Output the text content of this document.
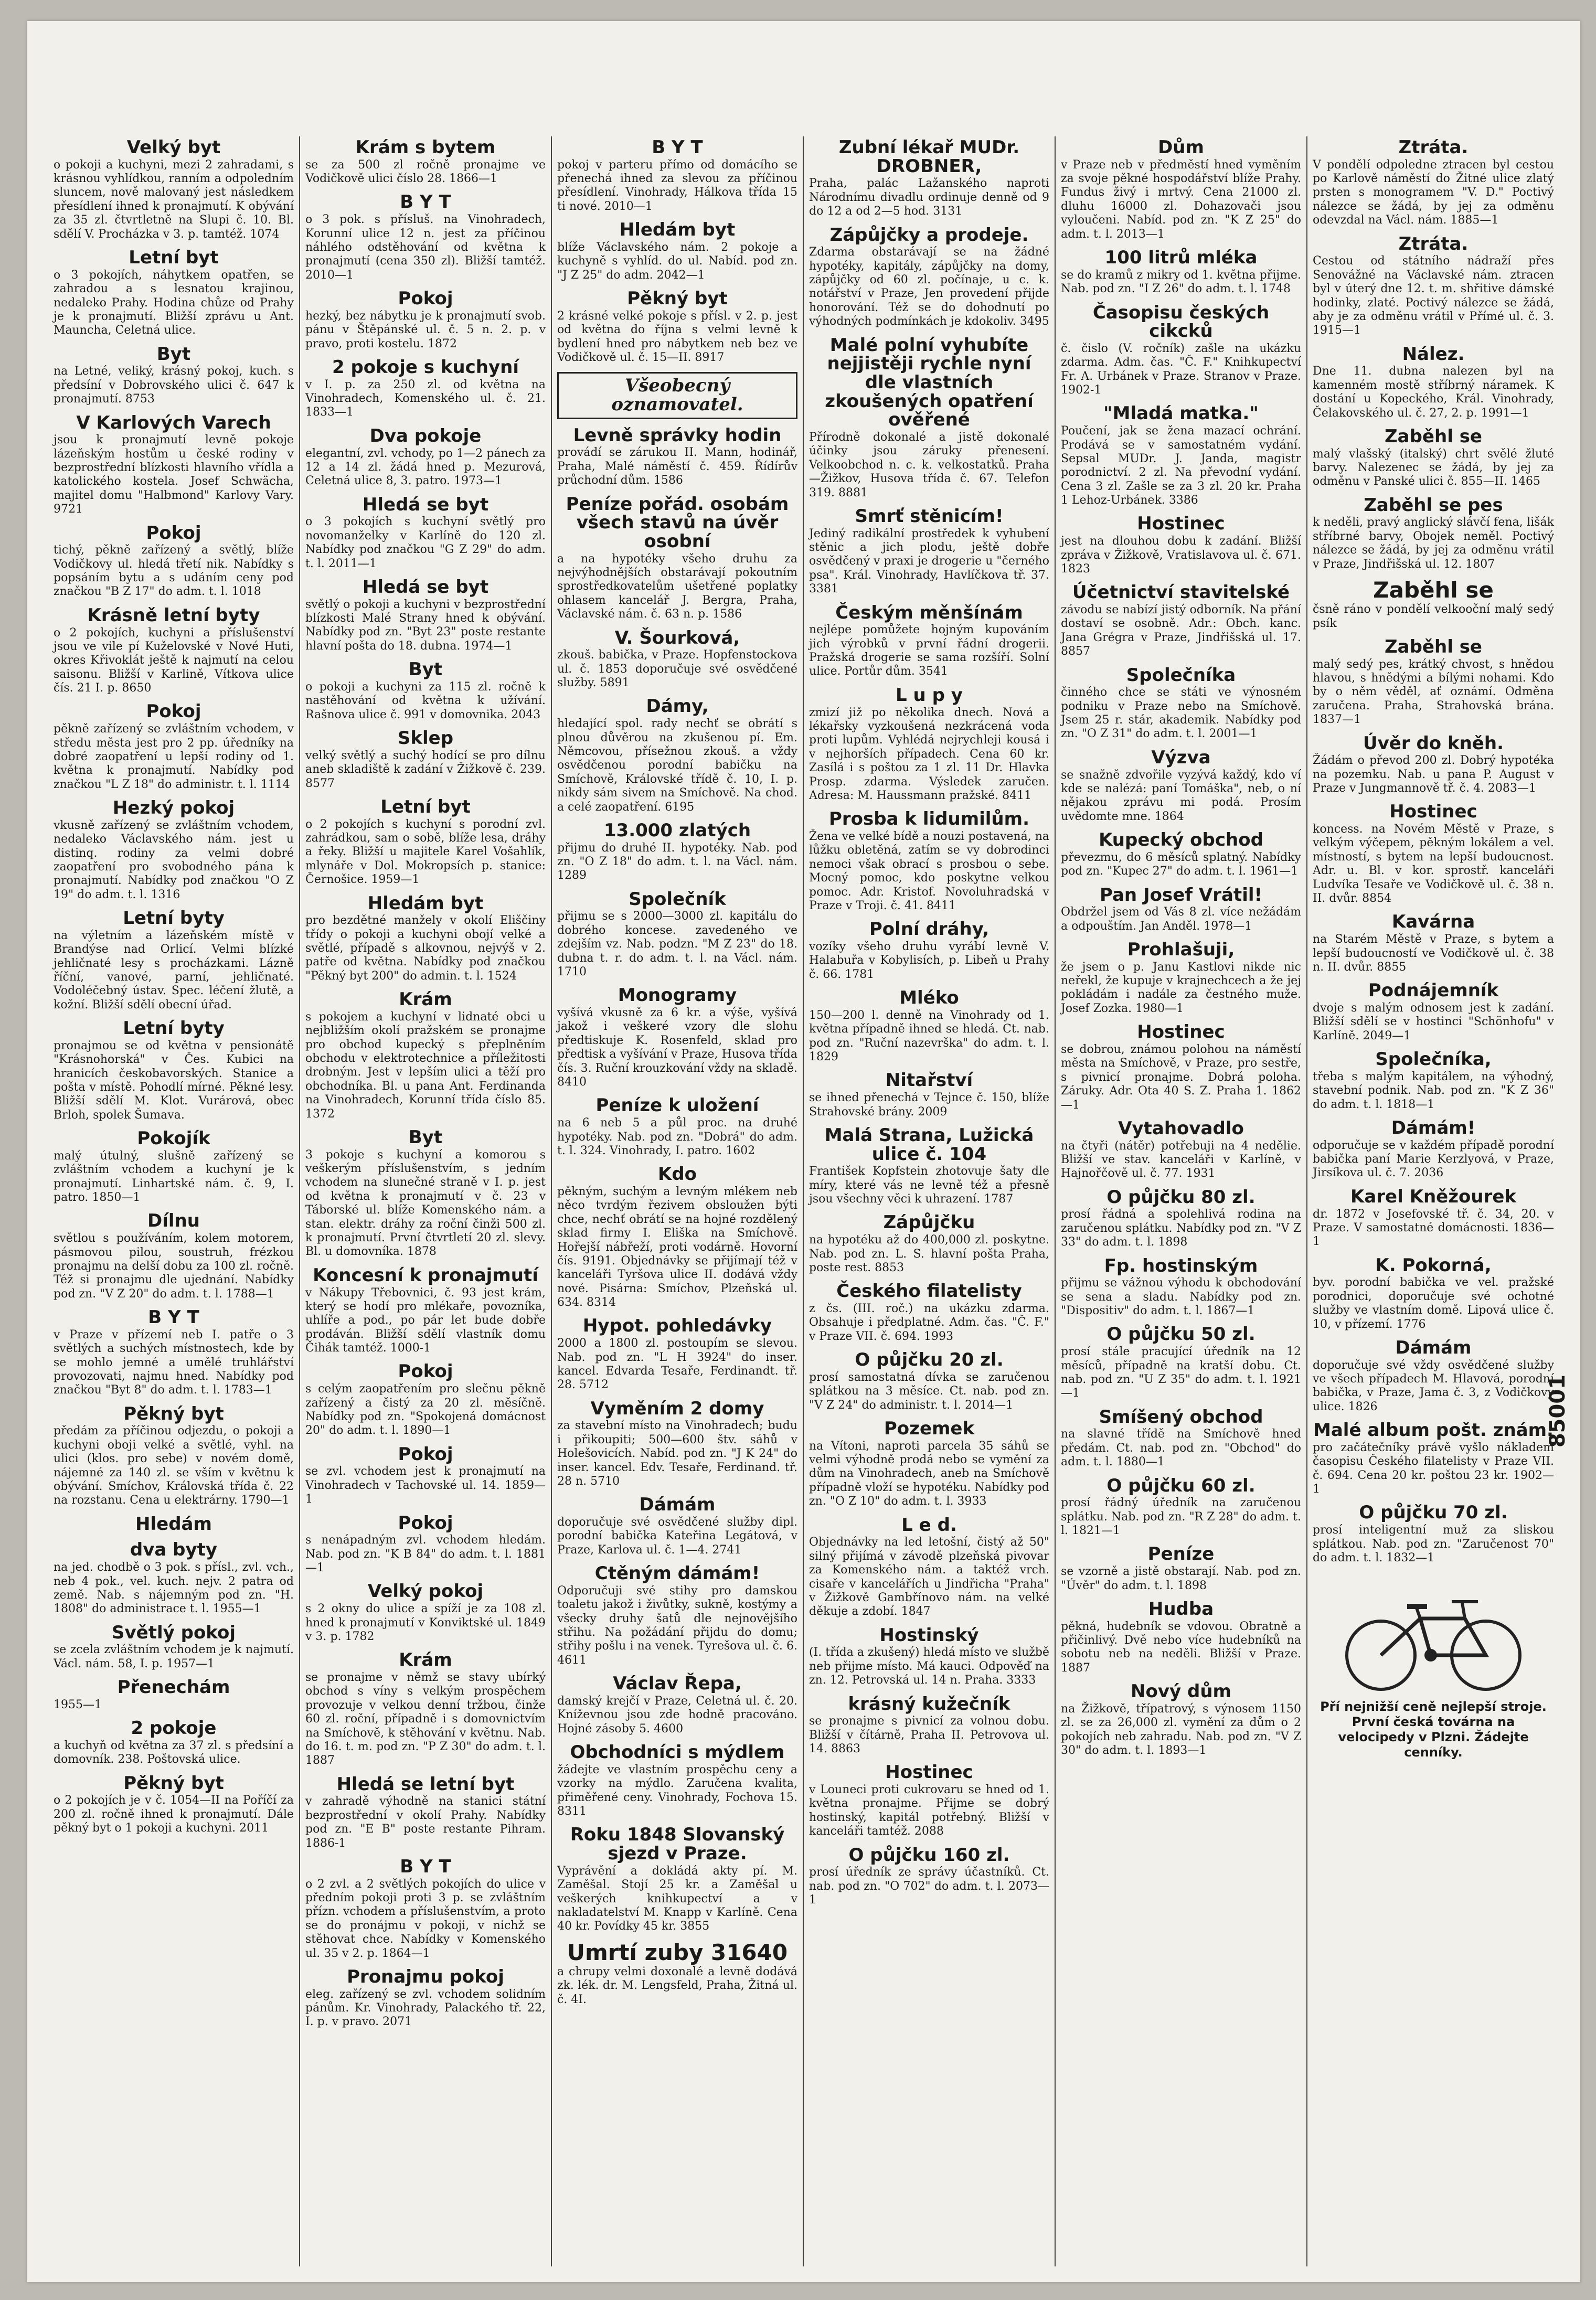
Velký byt

o pokoji a kuchyni, mezi 2 zahradami, s krásnou vyhlídkou, ranním a odpoledním sluncem, nově malovaný jest následkem přesídlení ihned k pronajmutí. K obývání za 35 zl. čtvrtletně na Slupi č. 10. Bl. sdělí V. Procházka v 3. p. tamtéž. 1074

Letní byt

o 3 pokojích, náhytkem opatřen, se zahradou a s lesnatou krajinou, nedaleko Prahy. Hodina chůze od Prahy je k pronajmutí. Bližší zprávu u Ant. Mauncha, Celetná ulice.

Byt

na Letné, veliký, krásný pokoj, kuch. s předsíní v Dobrovského ulici č. 647 k pronajmutí. 8753

V Karlových Varech

jsou k pronajmutí levně pokoje lázeňským hostům u české rodiny v bezprostřední blízkosti hlavního vřídla a katolického kostela. Josef Schwächa, majitel domu "Halbmond" Karlovy Vary. 9721

Pokoj

tichý, pěkně zařízený a světlý, blíže Vodičkovy ul. hledá třetí nik. Nabídky s popsáním bytu a s udáním ceny pod značkou "B Z 17" do adm. t. l. 1018

Krásně letní byty

o 2 pokojích, kuchyni a příslušenství jsou ve vile pí Kuželovské v Nové Huti, okres Křivoklát ještě k najmutí na celou saisonu. Bližší v Karlině, Vítkova ulice čís. 21 I. p. 8650

Pokoj

pěkně zařízený se zvláštním vchodem, v středu města jest pro 2 pp. úředníky na dobré zaopatření u lepší rodiny od 1. května k pronajmutí. Nabídky pod značkou "L Z 18" do administr. t. l. 1114

Hezký pokoj

vkusně zařízený se zvláštním vchodem, nedaleko Václavského nám. jest u distinq. rodiny za velmi dobré zaopatření pro svobodného pána k pronajmutí. Nabídky pod značkou "O Z 19" do adm. t. l. 1316

Letní byty

na výletním a lázeňském místě v Brandýse nad Orlicí. Velmi blízké jehličnaté lesy s procházkami. Lázně říční, vanové, parní, jehličnaté. Vodoléčebný ústav. Spec. léčení žlutě, a kožní. Bližší sdělí obecní úřad.

Letní byty

pronajmou se od května v pensionátě "Krásnohorská" v Čes. Kubici na hranicích českobavorských. Stanice a pošta v místě. Pohodlí mírné. Pěkné lesy. Bližší sdělí M. Klot. Vurárová, obec Brloh, spolek Šumava.

Pokojík

malý útulný, slušně zařízený se zvláštním vchodem a kuchyní je k pronajmutí. Linhartské nám. č. 9, I. patro. 1850—1

Dílnu

světlou s používáním, kolem motorem, pásmovou pilou, soustruh, frézkou pronajmu na delší dobu za 100 zl. ročně. Též si pronajmu dle ujednání. Nabídky pod zn. "V Z 20" do adm. t. l. 1788—1

B Y T

v Praze v přízemí neb I. patře o 3 světlých a suchých místnostech, kde by se mohlo jemné a umělé truhlářství provozovati, najmu hned. Nabídky pod značkou "Byt 8" do adm. t. l. 1783—1

Pěkný byt

předám za příčinou odjezdu, o pokoji a kuchyni oboji velké a světlé, vyhl. na ulici (klos. pro sebe) v novém domě, nájemné za 140 zl. se vším v květnu k obývání. Smíchov, Královská třída č. 22 na rozstanu. Cena u elektrárny. 1790—1

Hledám
dva byty

na jed. chodbě o 3 pok. s přísl., zvl. vch., neb 4 pok., vel. kuch. nejv. 2 patra od země. Nab. s nájemným pod zn. "H. 1808" do administrace t. l. 1955—1

Světlý pokoj

se zcela zvláštním vchodem je k najmutí. Václ. nám. 58, I. p. 1957—1

Přenechám

1955—1

2 pokoje

a kuchyň od května za 37 zl. s předsíní a domovník. 238. Poštovská ulice.

Pěkný byt

o 2 pokojích je v č. 1054—II na Poříčí za 200 zl. ročně ihned k pronajmutí. Dále pěkný byt o 1 pokoji a kuchyni. 2011

Krám s bytem

se za 500 zl ročně pronajme ve Vodičkově ulici číslo 28. 1866—1

B Y T

o 3 pok. s přísluš. na Vinohradech, Korunní ulice 12 n. jest za příčinou náhlého odstěhování od května k pronajmutí (cena 350 zl). Bližší tamtéž. 2010—1

Pokoj

hezký, bez nábytku je k pronajmutí svob. pánu v Štěpánské ul. č. 5 n. 2. p. v pravo, proti kostelu. 1872

2 pokoje s kuchyní

v I. p. za 250 zl. od května na Vinohradech, Komenského ul. č. 21. 1833—1

Dva pokoje

elegantní, zvl. vchody, po 1—2 pánech za 12 a 14 zl. žádá hned p. Mezurová, Celetná ulice 8, 3. patro. 1973—1

Hledá se byt

o 3 pokojích s kuchyní světlý pro novomanželky v Karlíně do 120 zl. Nabídky pod značkou "G Z 29" do adm. t. l. 2011—1

Hledá se byt

světlý o pokoji a kuchyni v bezprostřední blízkosti Malé Strany hned k obývání. Nabídky pod zn. "Byt 23" poste restante hlavní pošta do 18. dubna. 1974—1

Byt

o pokoji a kuchyni za 115 zl. ročně k nastěhování od května k užívání. Rašnova ulice č. 991 v domovnika. 2043

Sklep

velký světlý a suchý hodící se pro dílnu aneb skladiště k zadání v Žižkově č. 239. 8577

Letní byt

o 2 pokojích s kuchyní s porodní zvl. zahrádkou, sam o sobě, blíže lesa, dráhy a řeky. Bližší u majitele Karel Vošahlík, mlynáře v Dol. Mokropsích p. stanice: Černošice. 1959—1

Hledám byt

pro bezdětné manžely v okolí Eliščiny třídy o pokoji a kuchyni obojí velké a světlé, případě s alkovnou, nejvýš v 2. patře od května. Nabídky pod značkou "Pěkný byt 200" do admin. t. l. 1524

Krám

s pokojem a kuchyní v lidnaté obci u nejbližším okolí pražském se pronajme pro obchod kupecký s přeplněním obchodu v elektrotechnice a příležitosti drobným. Jest v lepším ulici a těží pro obchodníka. Bl. u pana Ant. Ferdinanda na Vinohradech, Korunní třída číslo 85. 1372

Byt

3 pokoje s kuchyní a komorou s veškerým příslušenstvím, s jedním vchodem na slunečné straně v I. p. jest od května k pronajmutí v č. 23 v Táborské ul. blíže Komenského nám. a stan. elektr. dráhy za roční činži 500 zl. k pronajmutí. První čtvrtletí 20 zl. slevy. Bl. u domovníka. 1878

Koncesní k pronajmutí

v Nákupy Třebovnici, č. 93 jest krám, který se hodí pro mlékaře, povozníka, uhlíře a pod., po pár let bude dobře prodáván. Bližší sdělí vlastník domu Čihák tamtéž. 1000-1

Pokoj

s celým zaopatřením pro slečnu pěkně zařízený a čistý za 20 zl. měsíčně. Nabídky pod zn. "Spokojená domácnost 20" do adm. t. l. 1890—1

Pokoj

se zvl. vchodem jest k pronajmutí na Vinohradech v Tachovské ul. 14. 1859—1

Pokoj

s nenápadným zvl. vchodem hledám. Nab. pod zn. "K B 84" do adm. t. l. 1881—1

Velký pokoj

s 2 okny do ulice a spíží je za 108 zl. hned k pronajmutí v Konviktské ul. 1849 v 3. p. 1782

Krám

se pronajme v němž se stavy ubírký obchod s víny s velkým prospěchem provozuje v velkou denní tržbou, činže 60 zl. roční, případně i s domovnictvím na Smíchově, k stěhování v květnu. Nab. do 16. t. m. pod zn. "P Z 30" do adm. t. l. 1887

Hledá se letní byt

v zahradě výhodně na stanici státní bezprostřední v okolí Prahy. Nabídky pod zn. "E B" poste restante Pihram. 1886-1

B Y T

o 2 zvl. a 2 světlých pokojích do ulice v předním pokoji proti 3 p. se zvláštním přízn. vchodem a příslušenstvím, a proto se do pronájmu v pokoji, v nichž se stěhovat chce. Nabídky v Komenského ul. 35 v 2. p. 1864—1

Pronajmu pokoj

eleg. zařízený se zvl. vchodem solidním pánům. Kr. Vinohrady, Palackého tř. 22, I. p. v pravo. 2071

B Y T

pokoj v parteru přímo od domácího se přenechá ihned za slevou za příčinou přesídlení. Vinohrady, Hálkova třída 15 ti nové. 2010—1

Hledám byt

blíže Václavského nám. 2 pokoje a kuchyně s vyhlíd. do ul. Nabíd. pod zn. "J Z 25" do adm. 2042—1

Pěkný byt

2 krásné velké pokoje s přísl. v 2. p. jest od května do října s velmi levně k bydlení hned pro nábytkem neb bez ve Vodičkově ul. č. 15—II. 8917

Všeobecný oznamovatel.
Levně správky hodin

provádí se zárukou II. Mann, hodinář, Praha, Malé náměstí č. 459. Řídírův průchodní dům. 1586

Peníze pořád. osobám všech stavů na úvěr osobní

a na hypotéky všeho druhu za nejvýhodnějších obstarávají pokoutním sprostředkovatelům ušetřené poplatky ohlasem kancelář J. Bergra, Praha, Václavské nám. č. 63 n. p. 1586

V. Šourková,

zkouš. babička, v Praze. Hopfenstockova ul. č. 1853 doporučuje své osvědčené služby. 5891

Dámy,

hledající spol. rady nechť se obrátí s plnou důvěrou na zkušenou pí. Em. Němcovou, přísežnou zkouš. a vždy osvědčenou porodní babičku na Smíchově, Královské třídě č. 10, I. p. nikdy sám sivem na Smíchově. Na chod. a celé zaopatření. 6195

13.000 zlatých

přijmu do druhé II. hypotéky. Nab. pod zn. "O Z 18" do adm. t. l. na Václ. nám. 1289

Společník

přijmu se s 2000—3000 zl. kapitálu do dobrého koncese. zavedeného ve zdejším vz. Nab. podzn. "M Z 23" do 18. dubna t. r. do adm. t. l. na Václ. nám. 1710

Monogramy

vyšívá vkusně za 6 kr. a výše, vyšívá jakož i veškeré vzory dle slohu předtiskuje K. Rosenfeld, sklad pro předtisk a vyšívání v Praze, Husova třída čís. 3. Ruční krouzkování vždy na skladě. 8410

Peníze k uložení

na 6 neb 5 a půl proc. na druhé hypotéky. Nab. pod zn. "Dobrá" do adm. t. l. 324. Vinohrady, I. patro. 1602

Kdo

pěkným, suchým a levným mlékem neb něco tvrdým řezivem obsloužen býti chce, nechť obrátí se na hojné rozdělený sklad firmy I. Eliška na Smíchově. Hořejší nábřeží, proti vodárně. Hovorní čís. 9191. Objednávky se přijímají též v kanceláři Tyršova ulice II. dodává vždy nové. Pisárna: Smíchov, Plzeňská ul. 634. 8314

Hypot. pohledávky

2000 a 1800 zl. postoupím se slevou. Nab. pod zn. "L H 3924" do inser. kancel. Edvarda Tesaře, Ferdinandt. tř. 28. 5712

Vyměním 2 domy

za stavební místo na Vinohradech; budu i přikoupiti; 500—600 štv. sáhů v Holešovicích. Nabíd. pod zn. "J K 24" do inser. kancel. Edv. Tesaře, Ferdinand. tř. 28 n. 5710

Dámám

doporučuje své osvědčené služby dipl. porodní babička Kateřina Legátová, v Praze, Karlova ul. č. 1—4. 2741

Ctěným dámám!

Odporučuji své stihy pro damskou toaletu jakož i živůtky, sukně, kostýmy a všecky druhy šatů dle nejnovějšího střihu. Na požádání přijdu do domu; střihy pošlu i na venek. Tyrešova ul. č. 6. 4611

Václav Řepa,

damský krejčí v Praze, Celetná ul. č. 20. Kníževnou jsou zde hodně pracováno. Hojné zásoby 5. 4600

Obchodníci s mýdlem

žádejte ve vlastním prospěchu ceny a vzorky na mýdlo. Zaručena kvalita, přiměřené ceny. Vinohrady, Fochova 15. 8311

Roku 1848 Slovanský sjezd v Praze.

Vyprávění a dokládá akty pí. M. Zaměšal. Stojí 25 kr. a Zaměšal u veškerých knihkupectví a v nakladatelství M. Knapp v Karlíně. Cena 40 kr. Povídky 45 kr. 3855

Umrtí zuby 31640

a chrupy velmi doxonalé a levně dodává zk. lék. dr. M. Lengsfeld, Praha, Žitná ul. č. 4I.

Zubní lékař MUDr. DROBNER,

Praha, palác Lažanského naproti Národnímu divadlu ordinuje denně od 9 do 12 a od 2—5 hod. 3131

Zápůjčky a prodeje.

Zdarma obstarávají se na žádné hypotéky, kapitály, zápůjčky na domy, zápůjčky od 60 zl. počínaje, u c. k. notářství v Praze, Jen provedení přijde honorování. Též se do dohodnutí po výhodných podmínkách je kdokoliv. 3495

Malé polní vyhubíte nejjistěji rychle nyní dle vlastních zkoušených opatření ověřené

Přírodně dokonalé a jistě dokonalé účinky jsou záruky přenesení. Velkoobchod n. c. k. velkostatků. Praha—Žižkov, Husova třída č. 67. Telefon 319. 8881

Smrť stěnicím!

Jediný radikální prostředek k vyhubení stěnic a jich plodu, ještě dobře osvědčený v praxi je drogerie u "černého psa". Král. Vinohrady, Havlíčkova tř. 37. 3381

Českým měnšínám

nejlépe pomůžete hojným kupováním jich výrobků v první řádní drogerii. Pražská drogerie se sama rozšíří. Solní ulice. Portůr dům. 3541

L u p y

zmizí již po několika dnech. Nová a lékařsky vyzkoušená nezkrácená voda proti lupům. Vyhlédá nejrychleji kousá i v nejhorších případech. Cena 60 kr. Zasílá i s poštou za 1 zl. 11 Dr. Hlavka Prosp. zdarma. Výsledek zaručen. Adresa: M. Haussmann pražské. 8411

Prosba k lidumilům.

Žena ve velké bídě a nouzi postavená, na lůžku obletěná, zatím se vy dobrodinci nemoci však obrací s prosbou o sebe. Mocný pomoc, kdo poskytne velkou pomoc. Adr. Kristof. Novoluhradská v Praze v Troji. č. 41. 8411

Polní dráhy,

vozíky všeho druhu vyrábí levně V. Halabuřa v Kobylisích, p. Libeň u Prahy č. 66. 1781

Mléko

150—200 l. denně na Vinohrady od 1. května případně ihned se hledá. Ct. nab. pod zn. "Ruční nazevrška" do adm. t. l. 1829

Nitařství

se ihned přenechá v Tejnce č. 150, blíže Strahovské brány. 2009

Malá Strana, Lužická ulice č. 104

František Kopfstein zhotovuje šaty dle míry, které vás ne levně též a přesně jsou všechny věci k uhrazení. 1787

Zápůjčku

na hypotéku až do 400,000 zl. poskytne. Nab. pod zn. L. S. hlavní pošta Praha, poste rest. 8853

Českého filatelisty

z čs. (III. roč.) na ukázku zdarma. Obsahuje i předplatné. Adm. čas. "Č. F." v Praze VII. č. 694. 1993

O půjčku 20 zl.

prosí samostatná dívka se zaručenou splátkou na 3 měsíce. Ct. nab. pod zn. "V Z 24" do administr. t. l. 2014—1

Pozemek

na Vítoni, naproti parcela 35 sáhů se velmi výhodně prodá nebo se vymění za dům na Vinohradech, aneb na Smíchově případně vloží se hypotéku. Nabídky pod zn. "O Z 10" do adm. t. l. 3933

L e d.

Objednávky na led letošní, čistý až 50" silný přijímá v závodě plzeňská pivovar za Komenského nám. a taktéž vrch. cisaře v kancelářích u Jindřicha "Praha" v Žižkově Gambřínovo nám. na velké děkuje a zdobí. 1847

Hostinský

(I. třída a zkušený) hledá místo ve službě neb přijme místo. Má kauci. Odpověď na zn. 12. Petrovská ul. 14 n. Praha. 3333

krásný kužečník

se pronajme s pivnicí za volnou dobu. Bližší v čítárně, Praha II. Petrovova ul. 14. 8863

Hostinec

v Louneci proti cukrovaru se hned od 1. května pronajme. Přijme se dobrý hostinský, kapitál potřebný. Bližší v kanceláři tamtéž. 2088

O půjčku 160 zl.

prosí úředník ze správy účastníků. Ct. nab. pod zn. "O 702" do adm. t. l. 2073—1

Dům

v Praze neb v předměstí hned vyměním za svoje pěkné hospodářství blíže Prahy. Fundus živý i mrtvý. Cena 21000 zl. dluhu 16000 zl. Dohazovači jsou vyloučeni. Nabíd. pod zn. "K Z 25" do adm. t. l. 2013—1

100 litrů mléka

se do kramů z mikry od 1. května přijme. Nab. pod zn. "I Z 26" do adm. t. l. 1748

Časopisu českých cikcků

č. čislo (V. ročník) zašle na ukázku zdarma. Adm. čas. "Č. F." Knihkupectví Fr. A. Urbánek v Praze. Stranov v Praze. 1902-1

"Mladá matka."

Poučení, jak se žena mazací ochrání. Prodává se v samostatném vydání. Sepsal MUDr. J. Janda, magistr porodnictví. 2 zl. Na převodní vydání. Cena 3 zl. Zašle se za 3 zl. 20 kr. Praha 1 Lehoz-Urbánek. 3386

Hostinec

jest na dlouhou dobu k zadání. Bližší zpráva v Žižkově, Vratislavova ul. č. 671. 1823

Účetnictví stavitelské

závodu se nabízí jistý odborník. Na přání dostaví se osobně. Adr.: Obch. kanc. Jana Grégra v Praze, Jindřišská ul. 17. 8857

Společníka

činného chce se státi ve výnosném podniku v Praze nebo na Smíchově. Jsem 25 r. stár, akademik. Nabídky pod zn. "O Z 31" do adm. t. l. 2001—1

Výzva

se snažně zdvořile vyzývá každý, kdo ví kde se nalézá: paní Tomáška", neb, o ní nějakou zprávu mi podá. Prosím uvědomte mne. 1864

Kupecký obchod

převezmu, do 6 měsíců splatný. Nabídky pod zn. "Kupec 27" do adm. t. l. 1961—1

Pan Josef Vrátil!

Obdržel jsem od Vás 8 zl. více nežádám a odpouštím. Jan Anděl. 1978—1

Prohlašuji,

že jsem o p. Janu Kastlovi nikde nic neřekl, že kupuje v krajnechcech a že jej pokládám i nadále za čestného muže. Josef Zozka. 1980—1

Hostinec

se dobrou, známou polohou na náměstí města na Smíchově, v Praze, pro sestře, s pivnicí pronajme. Dobrá poloha. Záruky. Adr. Ota 40 S. Z. Praha 1. 1862—1

Vytahovadlo

na čtyři (nátěr) potřebuji na 4 nedělie. Bližší ve stav. kanceláři v Karlíně, v Hajnořčově ul. č. 77. 1931

O půjčku 80 zl.

prosí řádná a spolehlivá rodina na zaručenou splátku. Nabídky pod zn. "V Z 33" do adm. t. l. 1898

Fp. hostinským

přijmu se vážnou výhodu k obchodování se sena a sladu. Nabídky pod zn. "Dispositiv" do adm. t. l. 1867—1

O půjčku 50 zl.

prosí stále pracující úředník na 12 měsíců, případně na kratší dobu. Ct. nab. pod zn. "U Z 35" do adm. t. l. 1921—1

Smíšený obchod

na slavné třídě na Smíchově hned předám. Ct. nab. pod zn. "Obchod" do adm. t. l. 1880—1

O půjčku 60 zl.

prosí řádný úředník na zaručenou splátku. Nab. pod zn. "R Z 28" do adm. t. l. 1821—1

Peníze

se vzorně a jistě obstarají. Nab. pod zn. "Úvěr" do adm. t. l. 1898

Hudba

pěkná, hudebník se vdovou. Obratně a přičinlivý. Dvě nebo více hudebníků na sobotu neb na neděli. Bližší v Praze. 1887

Nový dům

na Žižkově, třípatrový, s výnosem 1150 zl. se za 26,000 zl. vymění za dům o 2 pokojích neb zahradu. Nab. pod zn. "V Z 30" do adm. t. l. 1893—1

Ztráta.

V pondělí odpoledne ztracen byl cestou po Karlově náměstí do Žitné ulice zlatý prsten s monogramem "V. D." Poctivý nálezce se žádá, by jej za odměnu odevzdal na Václ. nám. 1885—1

Ztráta.

Cestou od státního nádraží přes Senovážné na Václavské nám. ztracen byl v úterý dne 12. t. m. shřitive dámské hodinky, zlaté. Poctivý nálezce se žádá, aby je za odměnu vrátil v Přímé ul. č. 3. 1915—1

Nález.

Dne 11. dubna nalezen byl na kamenném mostě stříbrný náramek. K dostání u Kopeckého, Král. Vinohrady, Čelakovského ul. č. 27, 2. p. 1991—1

Zaběhl se

malý vlašský (italský) chrt svělé žluté barvy. Nalezenec se žádá, by jej za odměnu v Panské ulici č. 855—II. 1465

Zaběhl se pes

k neděli, pravý anglický slávčí fena, lišák stříbrné barvy, Obojek neměl. Poctivý nálezce se žádá, by jej za odměnu vrátil v Praze, Jindřišská ul. 12. 1807

Zaběhl se

čsně ráno v pondělí velkooční malý sedý psík

Zaběhl se

malý sedý pes, krátký chvost, s hnědou hlavou, s hnědými a bílými nohami. Kdo by o něm věděl, ať oznámí. Odměna zaručena. Praha, Strahovská brána. 1837—1

Úvěr do kněh.

Žádám o převod 200 zl. Dobrý hypotéka na pozemku. Nab. u pana P. August v Praze v Jungmannově tř. č. 4. 2083—1

Hostinec

koncess. na Novém Městě v Praze, s velkým výčepem, pěkným lokálem a vel. místností, s bytem na lepší budoucnost. Adr. u. Bl. v kor. sprostř. kanceláři Ludvíka Tesaře ve Vodičkově ul. č. 38 n. II. dvůr. 8854

Kavárna

na Starém Městě v Praze, s bytem a lepší budoucností ve Vodičkově ul. č. 38 n. II. dvůr. 8855

Podnájemník

dvoje s malým odnosem jest k zadání. Bližší sdělí se v hostinci "Schönhofu" v Karlíně. 2049—1

Společníka,

třeba s malým kapitálem, na výhodný, stavební podnik. Nab. pod zn. "K Z 36" do adm. t. l. 1818—1

Dámám!

odporučuje se v každém případě porodní babička paní Marie Kerzlyová, v Praze, Jirsíkova ul. č. 7. 2036

Karel Kněžourek

dr. 1872 v Josefovské tř. č. 34, 20. v Praze. V samostatné domácnosti. 1836—1

K. Pokorná,

byv. porodní babička ve vel. pražské porodnici, doporučuje své ochotné služby ve vlastním domě. Lipová ulice č. 10, v přízemí. 1776

Dámám

doporučuje své vždy osvědčené služby ve všech případech M. Hlavová, porodní babička, v Praze, Jama č. 3, z Vodičkovy ulice. 1826

Malé album pošt. znám.

pro začátečníky právě vyšlo nákladem časopisu Českého filatelisty v Praze VII. č. 694. Cena 20 kr. poštou 23 kr. 1902—1

O půjčku 70 zl.

prosí inteligentní muž za sliskou splátkou. Nab. pod zn. "Zaručenost 70" do adm. t. l. 1832—1

Pří nejnižší ceně nejlepší stroje. První česká továrna na velocipedy v Plzni. Žádejte cenníky.

85001
